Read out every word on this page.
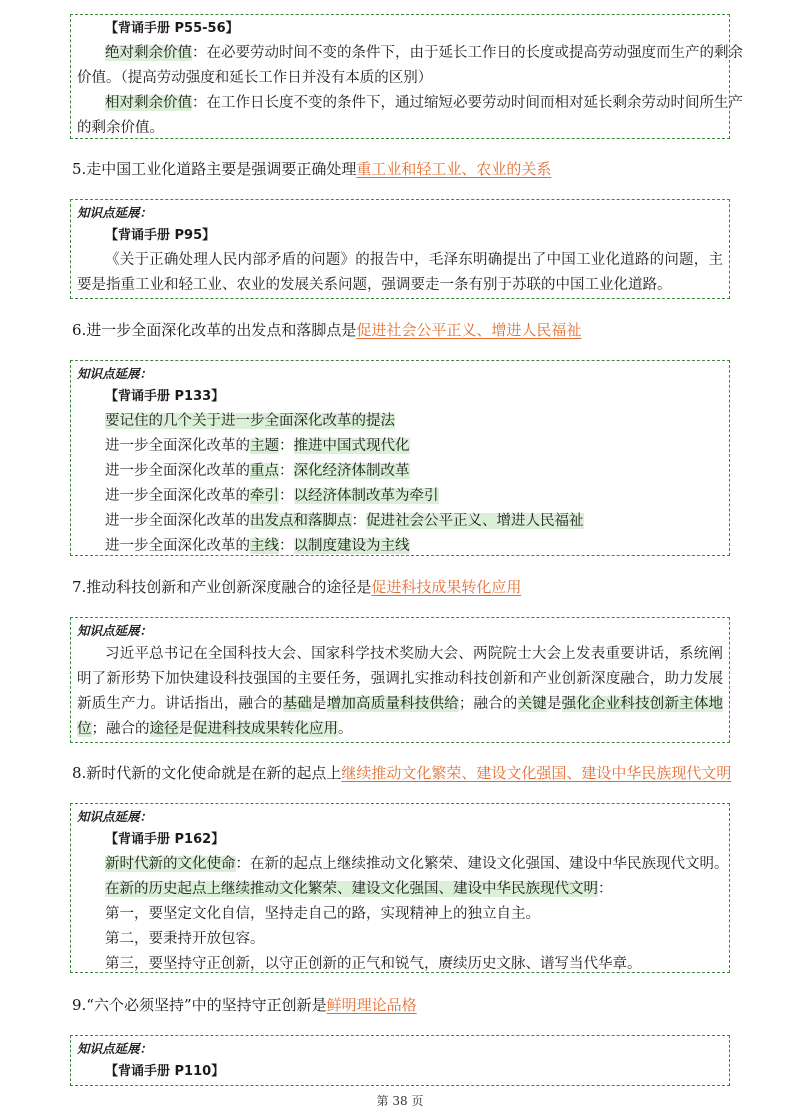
【背诵手册 P55-56】
绝对剩余价值：在必要劳动时间不变的条件下，由于延长工作日的长度或提高劳动强度而生产的剩余
价值。（提高劳动强度和延长工作日并没有本质的区别）
相对剩余价值：在工作日长度不变的条件下，通过缩短必要劳动时间而相对延长剩余劳动时间所生产
的剩余价值。
5.走中国工业化道路主要是强调要正确处理重工业和轻工业、农业的关系
知识点延展：
【背诵手册 P95】
《关于正确处理人民内部矛盾的问题》的报告中，毛泽东明确提出了中国工业化道路的问题，主要是指重工业和轻工业、农业的发展关系问题，强调要走一条有别于苏联的中国工业化道路。
6.进一步全面深化改革的出发点和落脚点是促进社会公平正义、增进人民福祉
知识点延展：
【背诵手册 P133】
要记住的几个关于进一步全面深化改革的提法
进一步全面深化改革的主题：推进中国式现代化
进一步全面深化改革的重点：深化经济体制改革
进一步全面深化改革的牵引：以经济体制改革为牵引
进一步全面深化改革的出发点和落脚点：促进社会公平正义、增进人民福祉
进一步全面深化改革的主线：以制度建设为主线
7.推动科技创新和产业创新深度融合的途径是促进科技成果转化应用
知识点延展：
习近平总书记在全国科技大会、国家科学技术奖励大会、两院院士大会上发表重要讲话，系统阐明了新形势下加快建设科技强国的主要任务，强调扎实推动科技创新和产业创新深度融合，助力发展新质生产力。讲话指出，融合的基础是增加高质量科技供给；融合的关键是强化企业科技创新主体地位；融合的途径是促进科技成果转化应用。
8.新时代新的文化使命就是在新的起点上继续推动文化繁荣、建设文化强国、建设中华民族现代文明
知识点延展：
【背诵手册 P162】
新时代新的文化使命：在新的起点上继续推动文化繁荣、建设文化强国、建设中华民族现代文明。
在新的历史起点上继续推动文化繁荣、建设文化强国、建设中华民族现代文明：
第一，要坚定文化自信，坚持走自己的路，实现精神上的独立自主。
第二，要秉持开放包容。
第三，要坚持守正创新，以守正创新的正气和锐气，赓续历史文脉、谱写当代华章。
9.“六个必须坚持”中的坚持守正创新是鲜明理论品格
知识点延展：
【背诵手册 P110】
第 38 页
